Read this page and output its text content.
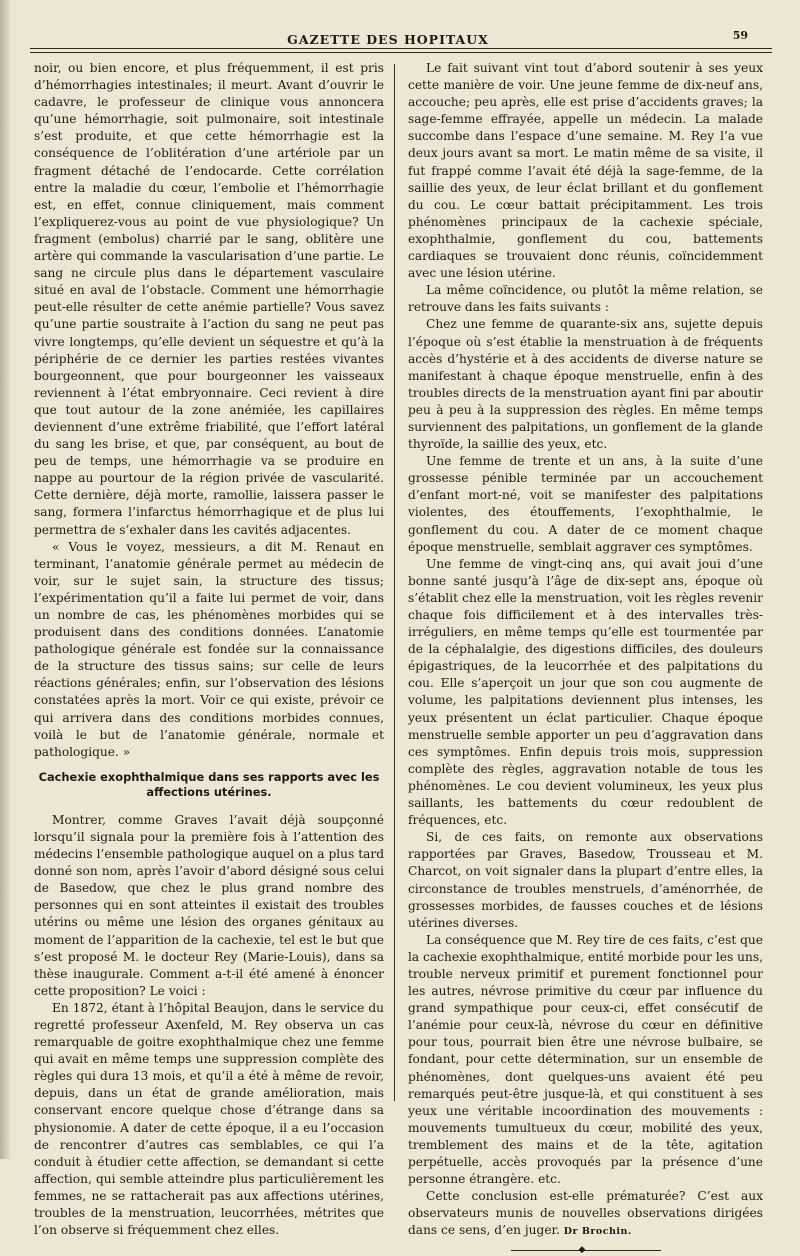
GAZETTE DES HOPITAUX	59

noir, ou bien encore, et plus fréquemment, il est pris d’hémorrhagies intestinales; il meurt. Avant d’ouvrir le cadavre, le professeur de clinique vous annoncera qu’une hémorrhagie, soit pulmonaire, soit intestinale s’est produite, et que cette hémorrhagie est la conséquence de l’oblitération d’une artériole par un fragment détaché de l’endocarde. Cette corrélation entre la maladie du cœur, l’embolie et l’hémorrhagie est, en effet, connue cliniquement, mais comment l’expliquerez-vous au point de vue physiologique? Un fragment (embolus) charrié par le sang, oblitère une artère qui commande la vascularisation d’une partie. Le sang ne circule plus dans le département vasculaire situé en aval de l’obstacle. Comment une hémorrhagie peut-elle résulter de cette anémie partielle? Vous savez qu’une partie soustraite à l’action du sang ne peut pas vivre longtemps, qu’elle devient un séquestre et qu’à la périphérie de ce dernier les parties restées vivantes bourgeonnent, que pour bourgeonner les vaisseaux reviennent à l’état embryonnaire. Ceci revient à dire que tout autour de la zone anémiée, les capillaires deviennent d’une extrême friabilité, que l’effort latéral du sang les brise, et que, par conséquent, au bout de peu de temps, une hémorrhagie va se produire en nappe au pourtour de la région privée de vascularité. Cette dernière, déjà morte, ramollie, laissera passer le sang, formera l’infarctus hémorrhagique et de plus lui permettra de s’exhaler dans les cavités adjacentes.

« Vous le voyez, messieurs, a dit M. Renaut en terminant, l’anatomie générale permet au médecin de voir, sur le sujet sain, la structure des tissus; l’expérimentation qu’il a faite lui permet de voir, dans un nombre de cas, les phénomènes morbides qui se produisent dans des conditions données. L’anatomie pathologique générale est fondée sur la connaissance de la structure des tissus sains; sur celle de leurs réactions générales; enfin, sur l’observation des lésions constatées après la mort. Voir ce qui existe, prévoir ce qui arrivera dans des conditions morbides connues, voilà le but de l’anatomie générale, normale et pathologique. »

Cachexie exophthalmique dans ses rapports avec les affections utérines.

Montrer, comme Graves l’avait déjà soupçonné lorsqu’il signala pour la première fois à l’attention des médecins l’ensemble pathologique auquel on a plus tard donné son nom, après l’avoir d’abord désigné sous celui de Basedow, que chez le plus grand nombre des personnes qui en sont atteintes il existait des troubles utérins ou même une lésion des organes génitaux au moment de l’apparition de la cachexie, tel est le but que s’est proposé M. le docteur Rey (Marie-Louis), dans sa thèse inaugurale. Comment a-t-il été amené à énoncer cette proposition? Le voici :

En 1872, étant à l’hôpital Beaujon, dans le service du regretté professeur Axenfeld, M. Rey observa un cas remarquable de goitre exophthalmique chez une femme qui avait en même temps une suppression complète des règles qui dura 13 mois, et qu’il a été à même de revoir, depuis, dans un état de grande amélioration, mais conservant encore quelque chose d’étrange dans sa physionomie. A dater de cette époque, il a eu l’occasion de rencontrer d’autres cas semblables, ce qui l’a conduit à étudier cette affection, se demandant si cette affection, qui semble atteindre plus particulièrement les femmes, ne se rattacherait pas aux affections utérines, troubles de la menstruation, leucorrhées, métrites que l’on observe si fréquemment chez elles.

Le fait suivant vint tout d’abord soutenir à ses yeux cette manière de voir. Une jeune femme de dix-neuf ans, accouche; peu après, elle est prise d’accidents graves; la sage-femme effrayée, appelle un médecin. La malade succombe dans l’espace d’une semaine. M. Rey l’a vue deux jours avant sa mort. Le matin même de sa visite, il fut frappé comme l’avait été déjà la sage-femme, de la saillie des yeux, de leur éclat brillant et du gonflement du cou. Le cœur battait précipitamment. Les trois phénomènes principaux de la cachexie spéciale, exophthalmie, gonflement du cou, battements cardiaques se trouvaient donc réunis, coïncidemment avec une lésion utérine.

La même coïncidence, ou plutôt la même relation, se retrouve dans les faits suivants :

Chez une femme de quarante-six ans, sujette depuis l’époque où s’est établie la menstruation à de fréquents accès d’hystérie et à des accidents de diverse nature se manifestant à chaque époque menstruelle, enfin à des troubles directs de la menstruation ayant fini par aboutir peu à peu à la suppression des règles. En même temps surviennent des palpitations, un gonflement de la glande thyroïde, la saillie des yeux, etc.

Une femme de trente et un ans, à la suite d’une grossesse pénible terminée par un accouchement d’enfant mort-né, voit se manifester des palpitations violentes, des étouffements, l’exophthalmie, le gonflement du cou. A dater de ce moment chaque époque menstruelle, semblait aggraver ces symptômes.

Une femme de vingt-cinq ans, qui avait joui d’une bonne santé jusqu’à l’âge de dix-sept ans, époque où s’établit chez elle la menstruation, voit les règles revenir chaque fois difficilement et à des intervalles très-irréguliers, en même temps qu’elle est tourmentée par de la céphalalgie, des digestions difficiles, des douleurs épigastriques, de la leucorrhée et des palpitations du cou. Elle s’aperçoit un jour que son cou augmente de volume, les palpitations deviennent plus intenses, les yeux présentent un éclat particulier. Chaque époque menstruelle semble apporter un peu d’aggravation dans ces symptômes. Enfin depuis trois mois, suppression complète des règles, aggravation notable de tous les phénomènes. Le cou devient volumineux, les yeux plus saillants, les battements du cœur redoublent de fréquences, etc.

Si, de ces faits, on remonte aux observations rapportées par Graves, Basedow, Trousseau et M. Charcot, on voit signaler dans la plupart d’entre elles, la circonstance de troubles menstruels, d’aménorrhée, de grossesses morbides, de fausses couches et de lésions utérines diverses.

La conséquence que M. Rey tire de ces faits, c’est que la cachexie exophthalmique, entité morbide pour les uns, trouble nerveux primitif et purement fonctionnel pour les autres, névrose primitive du cœur par influence du grand sympathique pour ceux-ci, effet consécutif de l’anémie pour ceux-là, névrose du cœur en définitive pour tous, pourrait bien être une névrose bulbaire, se fondant, pour cette détermination, sur un ensemble de phénomènes, dont quelques-uns avaient été peu remarqués peut-être jusque-là, et qui constituent à ses yeux une véritable incoordination des mouvements : mouvements tumultueux du cœur, mobilité des yeux, tremblement des mains et de la tête, agitation perpétuelle, accès provoqués par la présence d’une personne étrangère. etc.

Cette conclusion est-elle prématurée? C’est aux observateurs munis de nouvelles observations dirigées dans ce sens, d’en juger. Dr Brochin.

◆
